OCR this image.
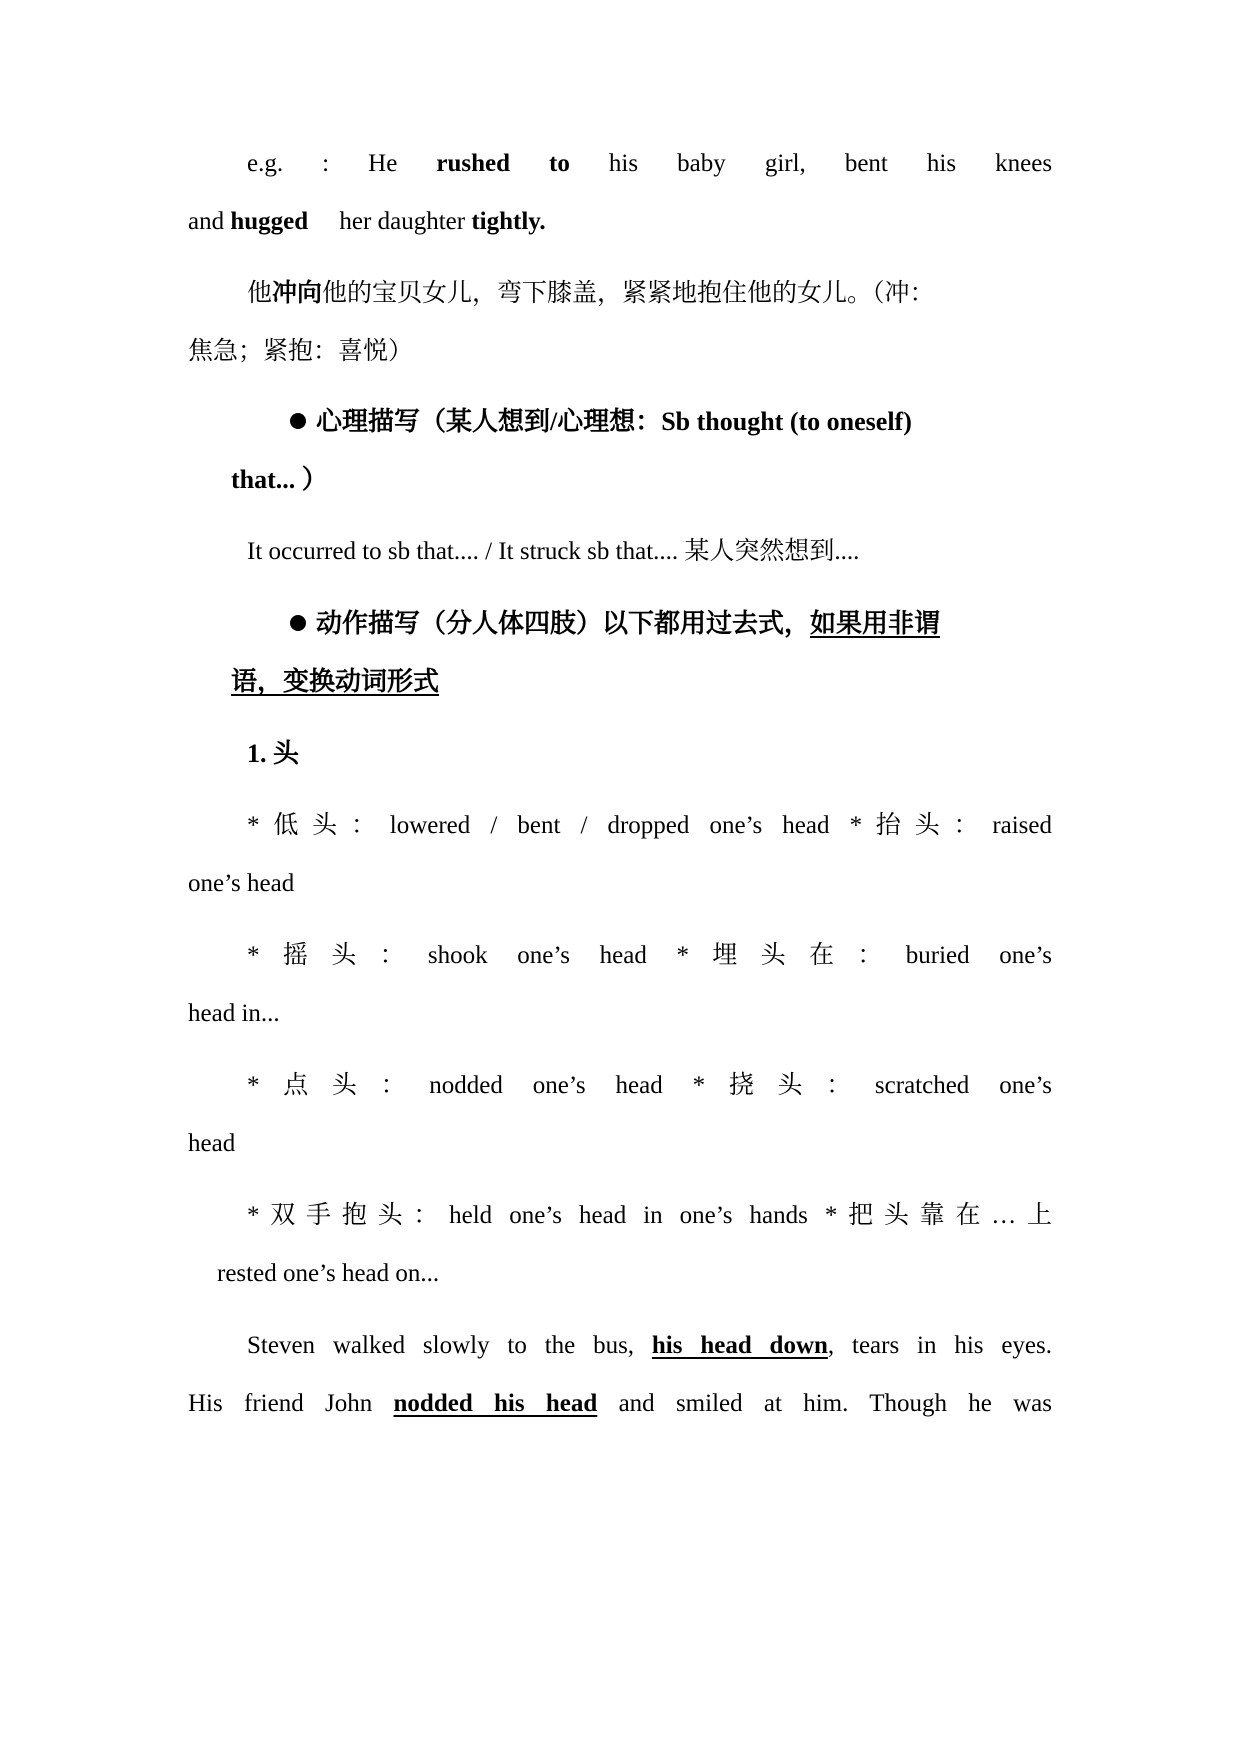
e.g. : He rushed to his baby girl, bent his knees
and hugged her daughter tightly.
他冲向他的宝贝女儿，弯下膝盖，紧紧地抱住他的女儿。（冲：
焦急；紧抱：喜悦）
心理描写（某人想到/心理想：Sb thought (to oneself)
that... ）
It occurred to sb that.... / It struck sb that.... 某人突然想到....
动作描写（分人体四肢）以下都用过去式，如果用非谓
语，变换动词形式
1. 头
*低头：lowered / bent / dropped one’s head *抬头：raised
one’s head
*摇头：shook one’s head *埋头在：buried one’s
head in...
*点头：nodded one’s head *挠头：scratched one’s
head
*双手抱头：held one’s head in one’s hands *把头靠在…上
rested one’s head on...
Steven walked slowly to the bus, his head down, tears in his eyes.
His friend John nodded his head and smiled at him. Though he was
